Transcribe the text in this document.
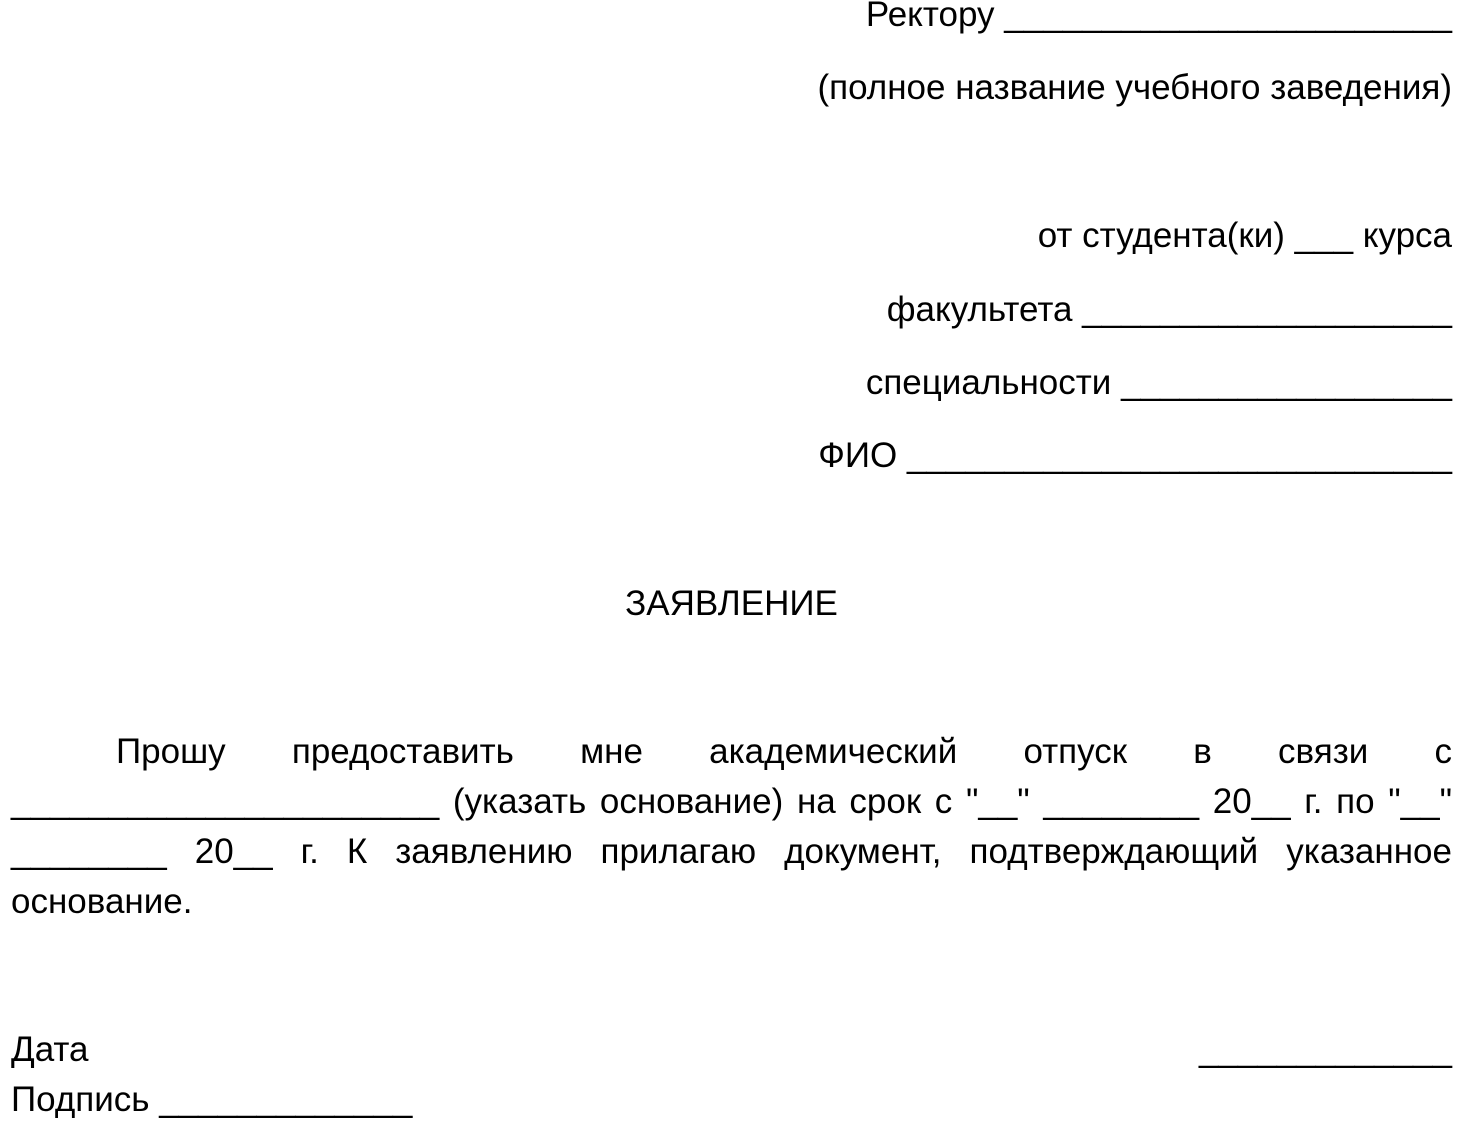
Ректору _______________________
(полное название учебного заведения)
от студента(ки) ___ курса
факультета ___________________
специальности _________________
ФИО ____________________________
ЗАЯВЛЕНИЕ

Прошу предоставить мне академический отпуск в связи с ______________________ (указать основание) на срок с "__" ________ 20__ г. по "__" ________ 20__ г. К заявлению прилагаю документ, подтверждающий указанное основание.

Дата	_____________
Подпись _____________
